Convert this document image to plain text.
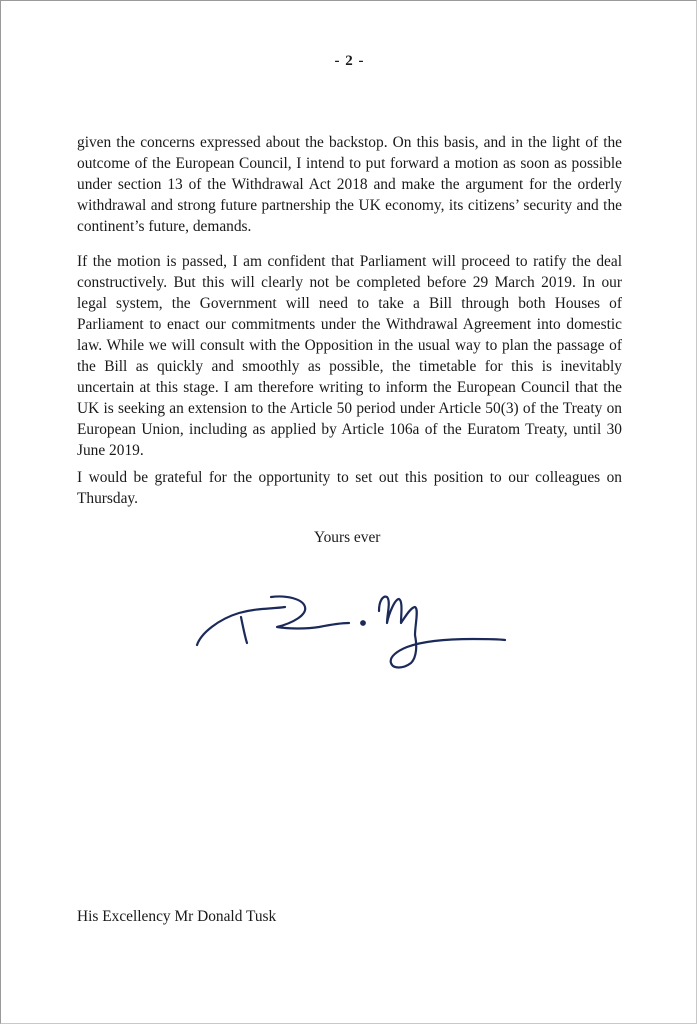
- 2 -

given the concerns expressed about the backstop. On this basis, and in the light of the outcome of the European Council, I intend to put forward a motion as soon as possible under section 13 of the Withdrawal Act 2018 and make the argument for the orderly withdrawal and strong future partnership the UK economy, its citizens’ security and the continent’s future, demands.

If the motion is passed, I am confident that Parliament will proceed to ratify the deal constructively. But this will clearly not be completed before 29 March 2019. In our legal system, the Government will need to take a Bill through both Houses of Parliament to enact our commitments under the Withdrawal Agreement into domestic law. While we will consult with the Opposition in the usual way to plan the passage of the Bill as quickly and smoothly as possible, the timetable for this is inevitably uncertain at this stage. I am therefore writing to inform the European Council that the UK is seeking an extension to the Article 50 period under Article 50(3) of the Treaty on European Union, including as applied by Article 106a of the Euratom Treaty, until 30 June 2019.

I would be grateful for the opportunity to set out this position to our colleagues on Thursday.

Yours ever
His Excellency Mr Donald Tusk
